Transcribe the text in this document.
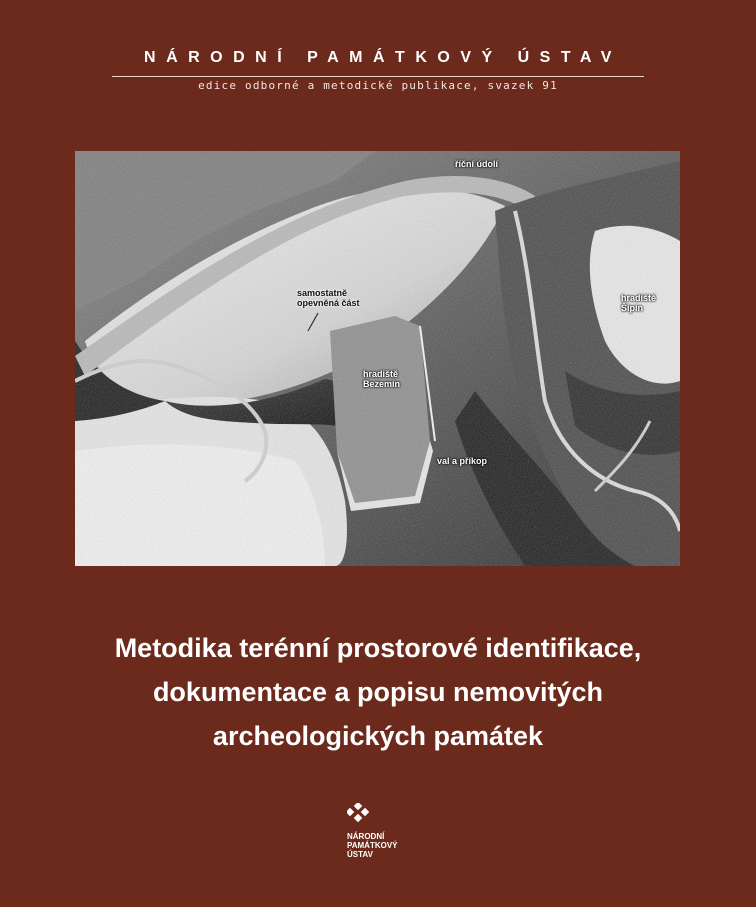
NÁRODNÍ PAMÁTKOVÝ ÚSTAV
edice odborné a metodické publikace, svazek 91
říční údolí
samostatně
opevněná část
hradiště
Bezemín
hradiště
Šipín
val a příkop
Metodika terénní prostorové identifikace,
dokumentace a popisu nemovitých
archeologických památek
NÁRODNÍ
PAMÁTKOVÝ
ÚSTAV
